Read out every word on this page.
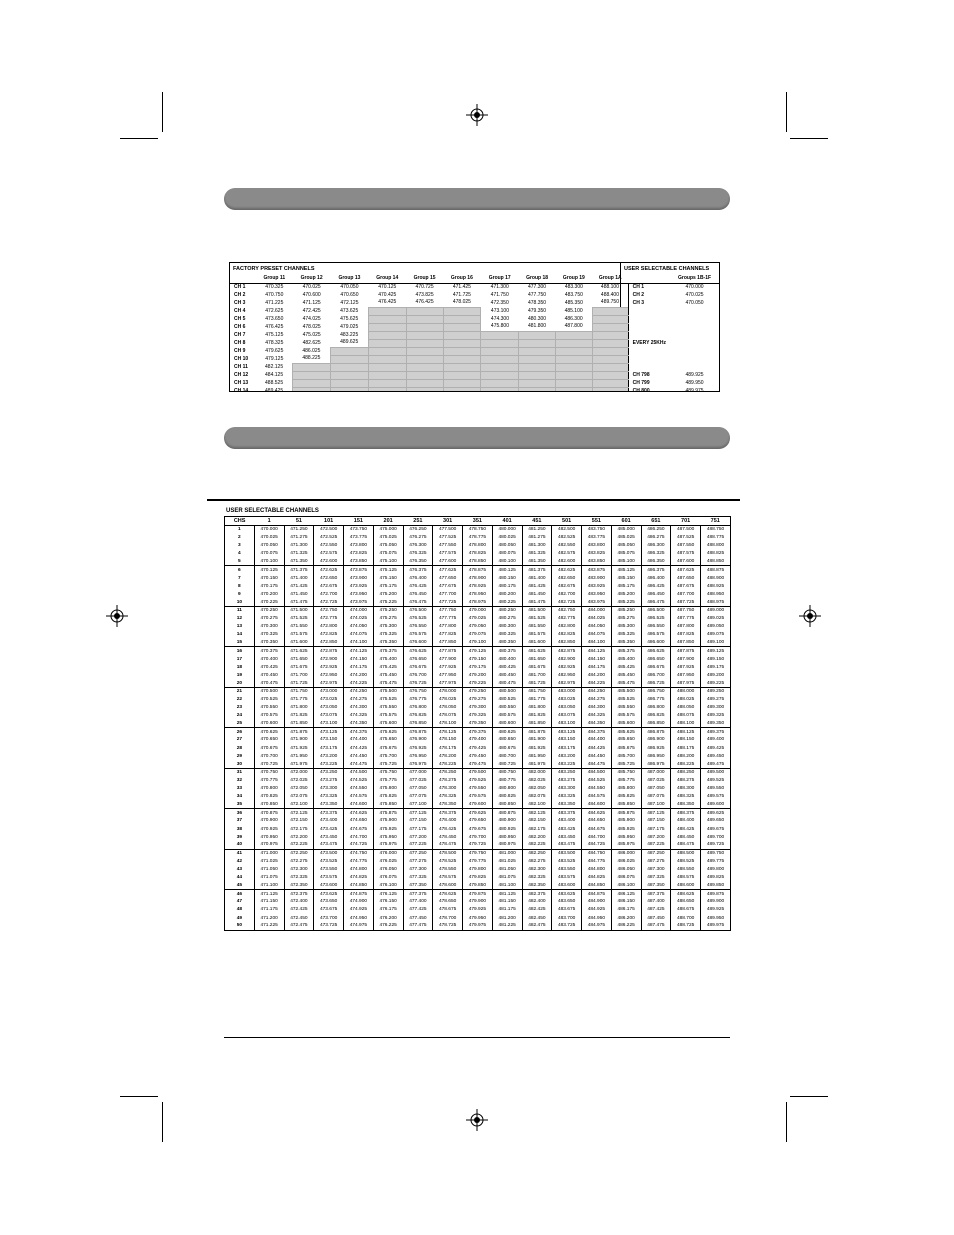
FACTORY PRESET CHANNELS	USER SELECTABLE CHANNELS
	Group 11	Group 12	Group 13	Group 14	Group 15	Group 16	Group 17	Group 18	Group 19	Group 1A		Groups 1B-1F
CH 1	470.325	470.025	470.050	470.125	470.725	471.425	471.300	477.300	483.300	488.100	CH 1	470.000
CH 2	470.750	470.600	470.650	470.425	473.825	471.725	471.750	477.750	483.750	488.400	CH 2	470.025
CH 3	471.225	471.125	472.125	476.425	476.425	478.025	472.350	478.350	485.350	489.750	CH 3	470.050
CH 4	472.625	472.425	473.625				473.100	479.350	485.100			
CH 5	473.650	474.025	475.625				474.300	480.300	486.300			
CH 6	476.425	478.025	479.025				475.800	481.800	487.800			
CH 7	475.125	475.025	483.225									
CH 8	478.325	482.625	489.625								EVERY 25KHz	
CH 9	479.625	486.025										
CH 10	479.125	488.225										
CH 11	482.125											
CH 12	484.125										CH 798	489.925
CH 13	488.525										CH 799	489.950
CH 14	489.425										CH 800	489.975
USER SELECTABLE CHANNELS
CHS	1	51	101	151	201	251	301	351	401	451	501	551	601	651	701	751
1	470.000	471.250	472.500	473.750	475.000	476.250	477.500	478.750	480.000	481.250	482.500	483.750	485.000	486.250	487.500	488.750
2	470.025	471.275	472.525	473.775	475.025	476.275	477.525	478.775	480.025	481.275	482.525	483.775	485.025	486.275	487.525	488.775
3	470.050	471.300	472.550	473.800	475.050	476.300	477.550	478.800	480.050	481.300	482.550	483.800	485.050	486.300	487.550	488.800
4	470.075	471.325	472.575	473.825	475.075	476.325	477.575	478.825	480.075	481.325	482.575	483.825	485.075	486.325	487.575	488.825
5	470.100	471.350	472.600	473.850	475.100	476.350	477.600	478.850	480.100	481.350	482.600	483.850	485.100	486.350	487.600	488.850
6	470.125	471.375	472.625	473.875	475.125	476.375	477.625	478.875	480.125	481.375	482.625	483.875	485.125	486.375	487.625	488.875
7	470.150	471.400	472.650	473.900	475.150	476.400	477.650	478.900	480.150	481.400	482.650	483.900	485.150	486.400	487.650	488.900
8	470.175	471.425	472.675	473.925	475.175	476.425	477.675	478.925	480.175	481.425	482.675	483.925	485.175	486.425	487.675	488.925
9	470.200	471.450	472.700	473.950	475.200	476.450	477.700	478.950	480.200	481.450	482.700	483.950	485.200	486.450	487.700	488.950
10	470.225	471.475	472.725	473.975	475.225	476.475	477.725	478.975	480.225	481.475	482.725	483.975	485.225	486.475	487.725	488.975
11	470.250	471.500	472.750	474.000	475.250	476.500	477.750	479.000	480.250	481.500	482.750	484.000	485.250	486.500	487.750	489.000
12	470.275	471.525	472.775	474.025	475.275	476.525	477.775	479.025	480.275	481.525	482.775	484.025	485.275	486.525	487.775	489.025
13	470.300	471.550	472.800	474.050	475.300	476.550	477.800	479.050	480.300	481.550	482.800	484.050	485.300	486.550	487.800	489.050
14	470.325	471.575	472.825	474.075	475.325	476.575	477.825	479.075	480.325	481.575	482.825	484.075	485.325	486.575	487.825	489.075
15	470.350	471.600	472.850	474.100	475.350	476.600	477.850	479.100	480.350	481.600	482.850	484.100	485.350	486.600	487.850	489.100
16	470.375	471.625	472.875	474.125	475.375	476.625	477.875	479.125	480.375	481.625	482.875	484.125	485.375	486.625	487.875	489.125
17	470.400	471.650	472.900	474.150	475.400	476.650	477.900	479.150	480.400	481.650	482.900	484.150	485.400	486.650	487.900	489.150
18	470.425	471.675	472.925	474.175	475.425	476.675	477.925	479.175	480.425	481.675	482.925	484.175	485.425	486.675	487.925	489.175
19	470.450	471.700	472.950	474.200	475.450	476.700	477.950	479.200	480.450	481.700	482.950	484.200	485.450	486.700	487.950	489.200
20	470.475	471.725	472.975	474.225	475.475	476.725	477.975	479.225	480.475	481.725	482.975	484.225	485.475	486.725	487.975	489.225
21	470.500	471.750	473.000	474.250	475.500	476.750	478.000	479.250	480.500	481.750	483.000	484.250	485.500	486.750	488.000	489.250
22	470.525	471.775	473.025	474.275	475.525	476.775	478.025	479.275	480.525	481.775	483.025	484.275	485.525	486.775	488.025	489.275
23	470.550	471.800	473.050	474.300	475.550	476.800	478.050	479.300	480.550	481.800	483.050	484.300	485.550	486.800	488.050	489.300
24	470.575	471.825	473.075	474.325	475.575	476.825	478.075	479.325	480.575	481.825	483.075	484.325	485.575	486.825	488.075	489.325
25	470.600	471.850	473.100	474.350	475.600	476.850	478.100	479.350	480.600	481.850	483.100	484.350	485.600	486.850	488.100	489.350
26	470.625	471.875	473.125	474.375	475.625	476.875	478.125	479.375	480.625	481.875	483.125	484.375	485.625	486.875	488.125	489.375
27	470.650	471.900	473.150	474.400	475.650	476.900	478.150	479.400	480.650	481.900	483.150	484.400	485.650	486.900	488.150	489.400
28	470.675	471.925	473.175	474.425	475.675	476.925	478.175	479.425	480.675	481.925	483.175	484.425	485.675	486.925	488.175	489.425
29	470.700	471.950	473.200	474.450	475.700	476.950	478.200	479.450	480.700	481.950	483.200	484.450	485.700	486.950	488.200	489.450
30	470.725	471.975	473.225	474.475	475.725	476.975	478.225	479.475	480.725	481.975	483.225	484.475	485.725	486.975	488.225	489.475
31	470.750	472.000	473.250	474.500	475.750	477.000	478.250	479.500	480.750	482.000	483.250	484.500	485.750	487.000	488.250	489.500
32	470.775	472.025	473.275	474.525	475.775	477.025	478.275	479.525	480.775	482.025	483.275	484.525	485.775	487.025	488.275	489.525
33	470.800	472.050	473.300	474.550	475.800	477.050	478.300	479.550	480.800	482.050	483.300	484.550	485.800	487.050	488.300	489.550
34	470.825	472.075	473.325	474.575	475.825	477.075	478.325	479.575	480.825	482.075	483.325	484.575	485.825	487.075	488.325	489.575
35	470.850	472.100	473.350	474.600	475.850	477.100	478.350	479.600	480.850	482.100	483.350	484.600	485.850	487.100	488.350	489.600
36	470.875	472.125	473.375	474.625	475.875	477.125	478.375	479.625	480.875	482.125	483.375	484.625	485.875	487.125	488.375	489.625
37	470.900	472.150	473.400	474.650	475.900	477.150	478.400	479.650	480.900	482.150	483.400	484.650	485.900	487.150	488.400	489.650
38	470.925	472.175	473.425	474.675	475.925	477.175	478.425	479.675	480.925	482.175	483.425	484.675	485.925	487.175	488.425	489.675
39	470.950	472.200	473.450	474.700	475.950	477.200	478.450	479.700	480.950	482.200	483.450	484.700	485.950	487.200	488.450	489.700
40	470.975	472.225	473.475	474.725	475.975	477.225	478.475	479.725	480.975	482.225	483.475	484.725	485.975	487.225	488.475	489.725
41	471.000	472.250	473.500	474.750	476.000	477.250	478.500	479.750	481.000	482.250	483.500	484.750	486.000	487.250	488.500	489.750
42	471.025	472.275	473.525	474.775	476.025	477.275	478.525	479.775	481.025	482.275	483.525	484.775	486.025	487.275	488.525	489.775
43	471.050	472.300	473.550	474.800	476.050	477.300	478.550	479.800	481.050	482.300	483.550	484.800	486.050	487.300	488.550	489.800
44	471.075	472.325	473.575	474.825	476.075	477.325	478.575	479.825	481.075	482.325	483.575	484.825	486.075	487.325	488.575	489.825
45	471.100	472.350	473.600	474.850	476.100	477.350	478.600	479.850	481.100	482.350	483.600	484.850	486.100	487.350	488.600	489.850
46	471.125	472.375	473.625	474.875	476.125	477.375	478.625	479.875	481.125	482.375	483.625	484.875	486.125	487.375	488.625	489.875
47	471.150	472.400	473.650	474.900	476.150	477.400	478.650	479.900	481.150	482.400	483.650	484.900	486.150	487.400	488.650	489.900
48	471.175	472.425	473.675	474.925	476.175	477.425	478.675	479.925	481.175	482.425	483.675	484.925	486.175	487.425	488.675	489.925
49	471.200	472.450	473.700	474.950	476.200	477.450	478.700	479.950	481.200	482.450	483.700	484.950	486.200	487.450	488.700	489.950
50	471.225	472.475	473.725	474.975	476.225	477.475	478.725	479.975	481.225	482.475	483.725	484.975	486.225	487.475	488.725	489.975
